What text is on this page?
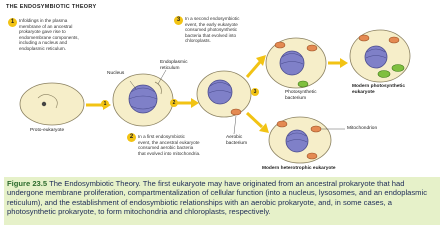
THE ENDOSYMBIOTIC THEORY
1	Infoldings in the plasma
membrane of an ancestral
prokaryote gave rise to
endomembrane components,
including a nucleus and
endoplasmic reticulum.
3	In a second endosymbiotic
event, the early eukaryote
consumed photosynthetic
bacteria that evolved into
chloroplasts.
2	In a first endosymbiotic
event, the ancestral eukaryote
consumed aerobic bacteria
that evolved into mitochondria.
1	2
3
Nucleus
Endoplasmic
reticulum
Proto-eukaryote
Aerobic
bacterium
Photosynthetic
bacterium
Modern photosynthetic
eukaryote
Mitochondrion
Modern heterotrophic eukaryote
Figure 23.5 The Endosymbiotic Theory. The first eukaryote may have originated from an ancestral prokaryote that had undergone membrane proliferation, compartmentalization of cellular function (into a nucleus, lysosomes, and an endoplasmic reticulum), and the establishment of endosymbiotic relationships with an aerobic prokaryote, and, in some cases, a photosynthetic prokaryote, to form mitochondria and chloroplasts, respectively.
